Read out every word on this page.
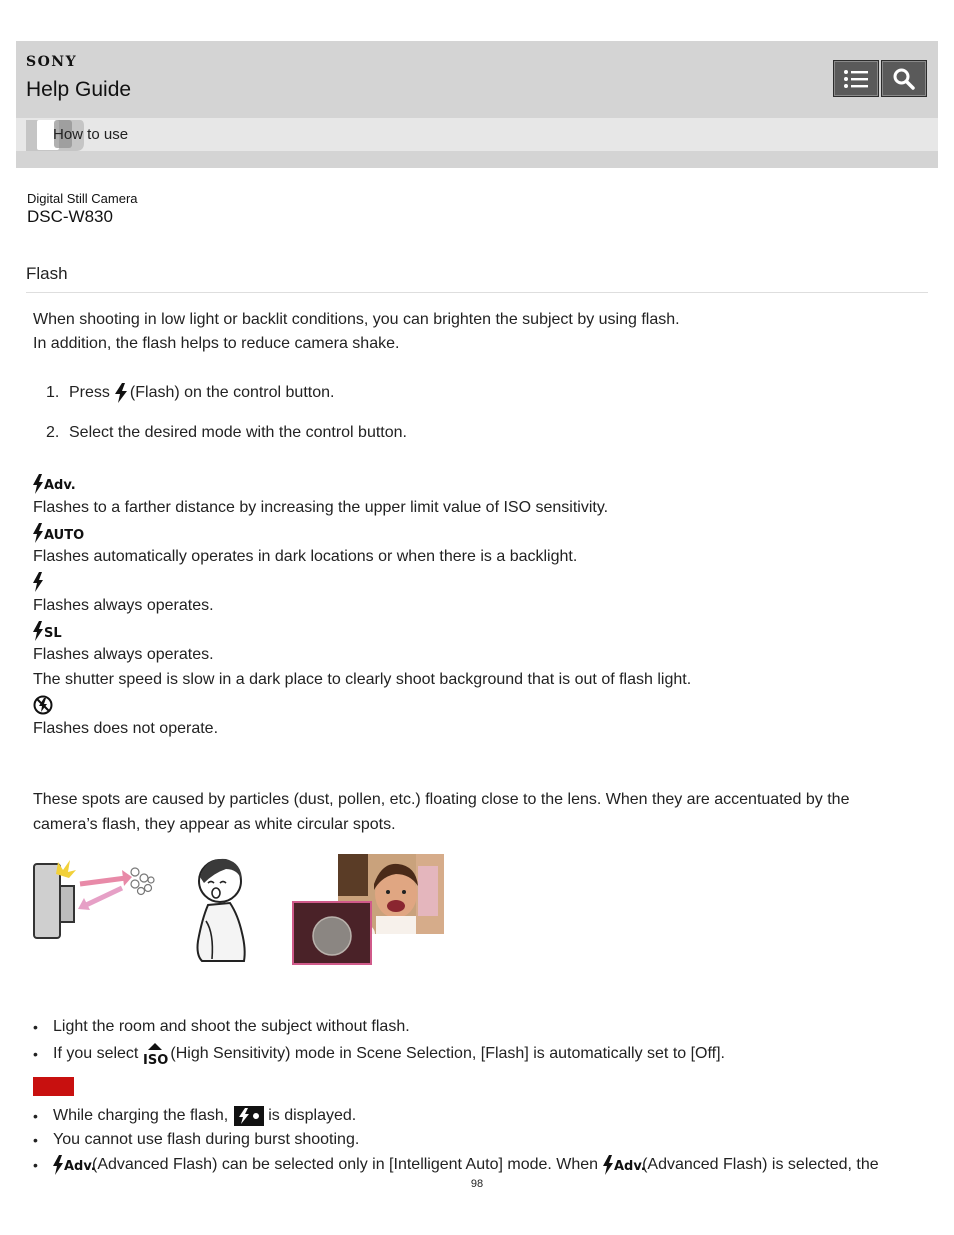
SONY
Help Guide
How to use
Digital Still Camera
DSC-W830
Flash
When shooting in low light or backlit conditions, you can brighten the subject by using flash.
In addition, the flash helps to reduce camera shake.
1. Press (Flash) on the control button.
2. Select the desired mode with the control button.
Adv.
Flashes to a farther distance by increasing the upper limit value of ISO sensitivity.
AUTO
Flashes automatically operates in dark locations or when there is a backlight.
Flashes always operates.
SL
Flashes always operates.
The shutter speed is slow in a dark place to clearly shoot background that is out of flash light.
Flashes does not operate.
These spots are caused by particles (dust, pollen, etc.) floating close to the lens. When they are accentuated by the
camera’s flash, they appear as white circular spots.
• Light the room and shoot the subject without flash.
• If you select ISO (High Sensitivity) mode in Scene Selection, [Flash] is automatically set to [Off].
• While charging the flash,	is displayed.
• You cannot use flash during burst shooting.
•	Adv.
(Advanced Flash) can be selected only in [Intelligent Auto] mode. When Adv.
(Advanced Flash) is selected, the
98
